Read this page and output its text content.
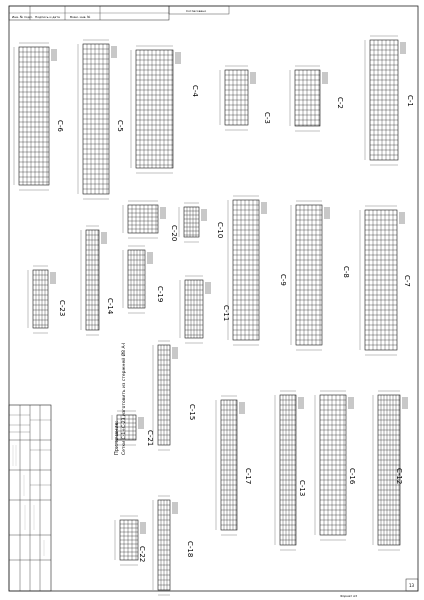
Инв. № подл. Подпись и дата	Взам. инв. №
Согласовано
С-6	С-5
С-4
С-3
С-2	С-1
С-20
С-14
С-23
С-19
С-11
С-9
С-8
С-7
С-10
С-15
С-21
С-17
С-13
С-16	С-12
С-22	С-18
Примечание: Сетки С-1÷С-23 изготовить из стержней Ø8 А-I
13
Формат А3
